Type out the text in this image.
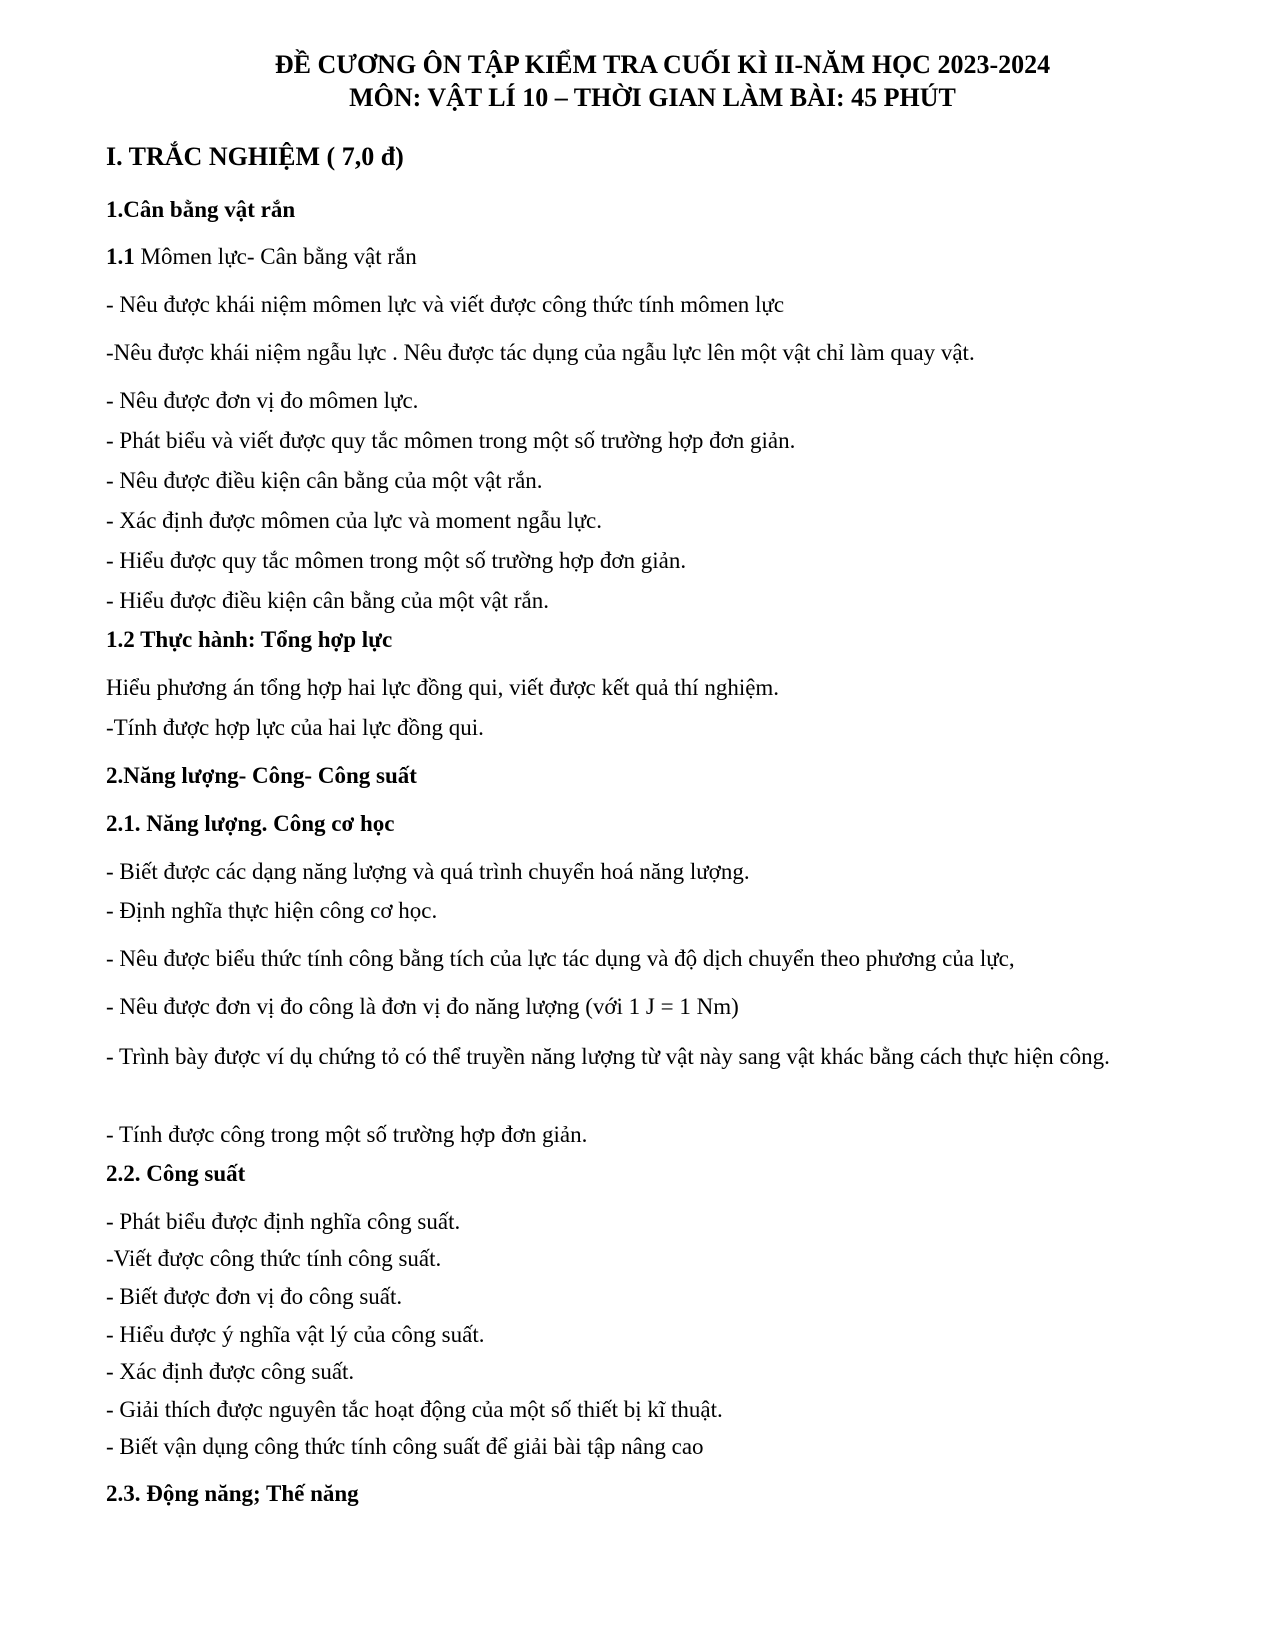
ĐỀ CƯƠNG ÔN TẬP KIỂM TRA CUỐI KÌ II-NĂM HỌC 2023-2024
MÔN: VẬT LÍ 10 – THỜI GIAN LÀM BÀI: 45 PHÚT
I. TRẮC NGHIỆM ( 7,0 đ)
1.Cân bằng vật rắn
1.1 Mômen lực- Cân bằng vật rắn
- Nêu được khái niệm mômen lực và viết được công thức tính mômen lực
-Nêu được khái niệm ngẫu lực . Nêu được tác dụng của ngẫu lực lên một vật chỉ làm quay vật.
- Nêu được đơn vị đo mômen lực.
- Phát biểu và viết được quy tắc mômen trong một số trường hợp đơn giản.
- Nêu được điều kiện cân bằng của một vật rắn.
- Xác định được mômen của lực và moment ngẫu lực.
- Hiểu được quy tắc mômen trong một số trường hợp đơn giản.
- Hiểu được điều kiện cân bằng của một vật rắn.
1.2 Thực hành: Tổng hợp lực
Hiểu phương án tổng hợp hai lực đồng qui, viết được kết quả thí nghiệm.
-Tính được hợp lực của hai lực đồng qui.
2.Năng lượng- Công- Công suất
2.1. Năng lượng. Công cơ học
- Biết được các dạng năng lượng và quá trình chuyển hoá năng lượng.
- Định nghĩa thực hiện công cơ học.
- Nêu được biểu thức tính công bằng tích của lực tác dụng và độ dịch chuyển theo phương của lực,
- Nêu được đơn vị đo công là đơn vị đo năng lượng (với 1 J = 1 Nm)
- Trình bày được ví dụ chứng tỏ có thể truyền năng lượng từ vật này sang vật khác bằng cách thực hiện công.
- Tính được công trong một số trường hợp đơn giản.
2.2. Công suất
- Phát biểu được định nghĩa công suất.
-Viết được công thức tính công suất.
- Biết được đơn vị đo công suất.
- Hiểu được ý nghĩa vật lý của công suất.
- Xác định được công suất.
- Giải thích được nguyên tắc hoạt động của một số thiết bị kĩ thuật.
- Biết vận dụng công thức tính công suất để giải bài tập nâng cao
2.3. Động năng; Thế năng
